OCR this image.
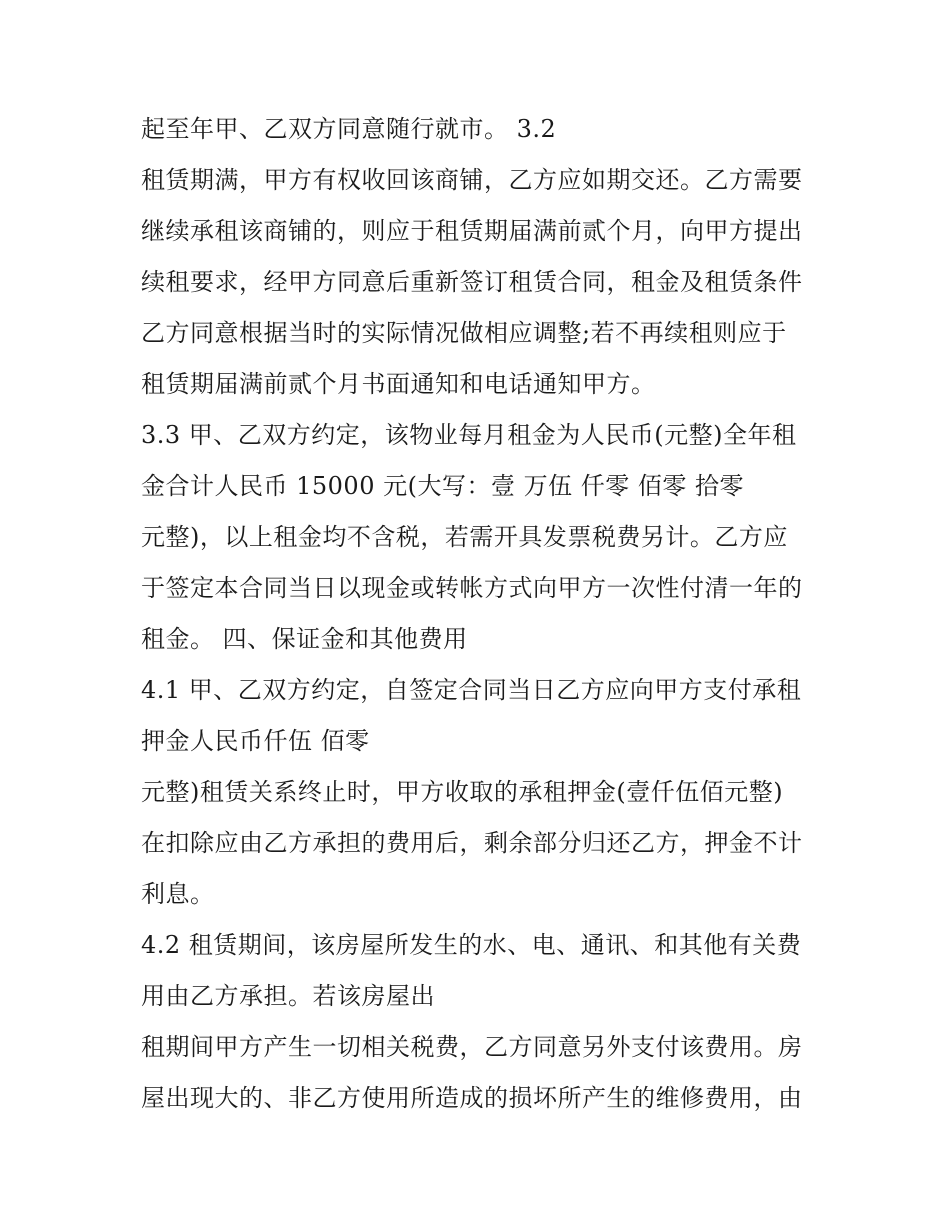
起至年甲、乙双方同意随行就市。 3.2
租赁期满，甲方有权收回该商铺，乙方应如期交还。乙方需要
继续承租该商铺的，则应于租赁期届满前贰个月，向甲方提出
续租要求，经甲方同意后重新签订租赁合同，租金及租赁条件
乙方同意根据当时的实际情况做相应调整;若不再续租则应于
租赁期届满前贰个月书面通知和电话通知甲方。
3.3 甲、乙双方约定，该物业每月租金为人民币(元整)全年租
金合计人民币 15000 元(大写：壹 万伍 仟零 佰零 拾零
元整)，以上租金均不含税，若需开具发票税费另计。乙方应
于签定本合同当日以现金或转帐方式向甲方一次性付清一年的
租金。 四、保证金和其他费用
4.1 甲、乙双方约定，自签定合同当日乙方应向甲方支付承租
押金人民币仟伍 佰零
元整)租赁关系终止时，甲方收取的承租押金(壹仟伍佰元整)
在扣除应由乙方承担的费用后，剩余部分归还乙方，押金不计
利息。
4.2 租赁期间，该房屋所发生的水、电、通讯、和其他有关费
用由乙方承担。若该房屋出
租期间甲方产生一切相关税费，乙方同意另外支付该费用。房
屋出现大的、非乙方使用所造成的损坏所产生的维修费用，由
